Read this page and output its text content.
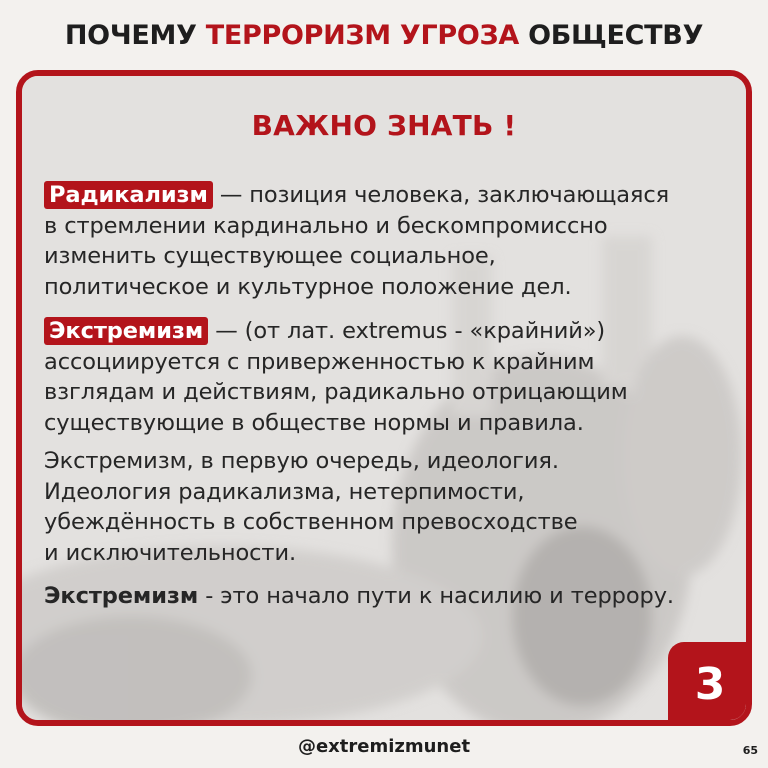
ПОЧЕМУ ТЕРРОРИЗМ УГРОЗА ОБЩЕСТВУ
ВАЖНО ЗНАТЬ !
Радикализм — позиция человека, заключающаяся
в стремлении кардинально и бескомпромиссно
изменить существующее социальное,
политическое и культурное положение дел.
Экстремизм — (от лат. extremus - «крайний»)
ассоциируется с приверженностью к крайним
взглядам и действиям, радикально отрицающим
существующие в обществе нормы и правила.
Экстремизм, в первую очередь, идеология.
Идеология радикализма, нетерпимости,
убеждённость в собственном превосходстве
и исключительности.
Экстремизм - это начало пути к насилию и террору.
3
@extremizmunet	65
